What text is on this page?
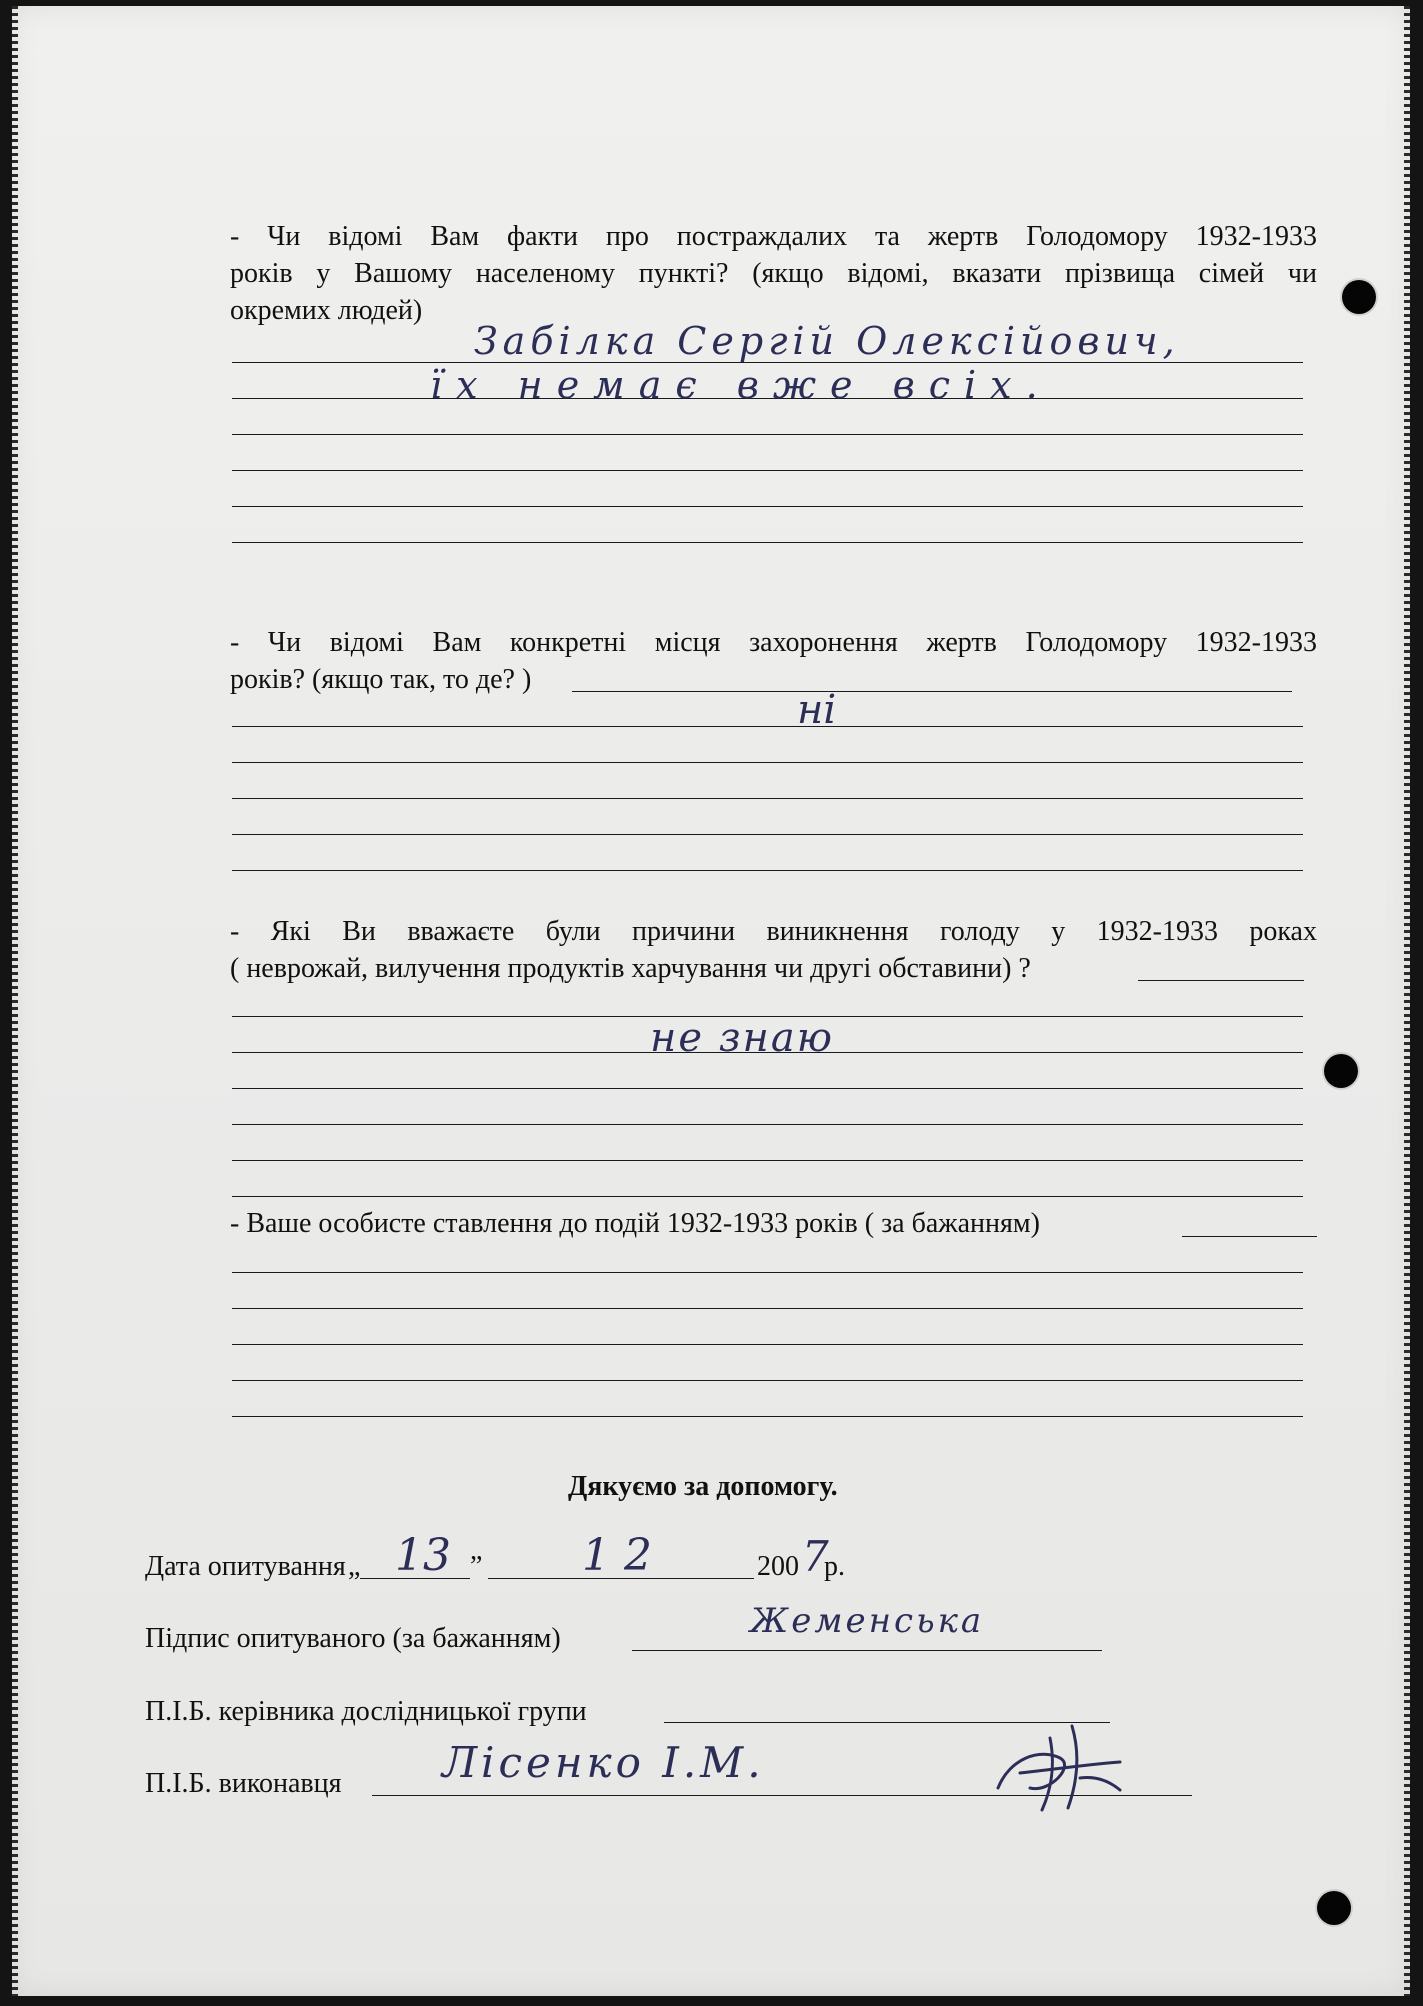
- Чи відомі Вам факти про постраждалих та жертв Голодомору 1932-1933
років у Вашому населеному пункті? (якщо відомі, вказати прізвища сімей чи
окремих людей)
Забілка Сергій Олексійович,
їх немає вже всіх.
- Чи відомі Вам конкретні місця захоронення жертв Голодомору 1932-1933
років? (якщо так, то де? )
ні
- Які Ви вважаєте були причини виникнення голоду у 1932-1933 роках
( неврожай, вилучення продуктів харчування чи другі обставини) ?
не знаю
- Ваше особисте ставлення до подій 1932-1933 років ( за бажанням)
Дякуємо за допомогу.
Дата опитування „ 13 ” 12	200 7
р.
Підпис опитуваного (за бажанням)	Жеменська
П.І.Б. керівника дослідницької групи
П.І.Б. виконавця Лісенко І.М.
